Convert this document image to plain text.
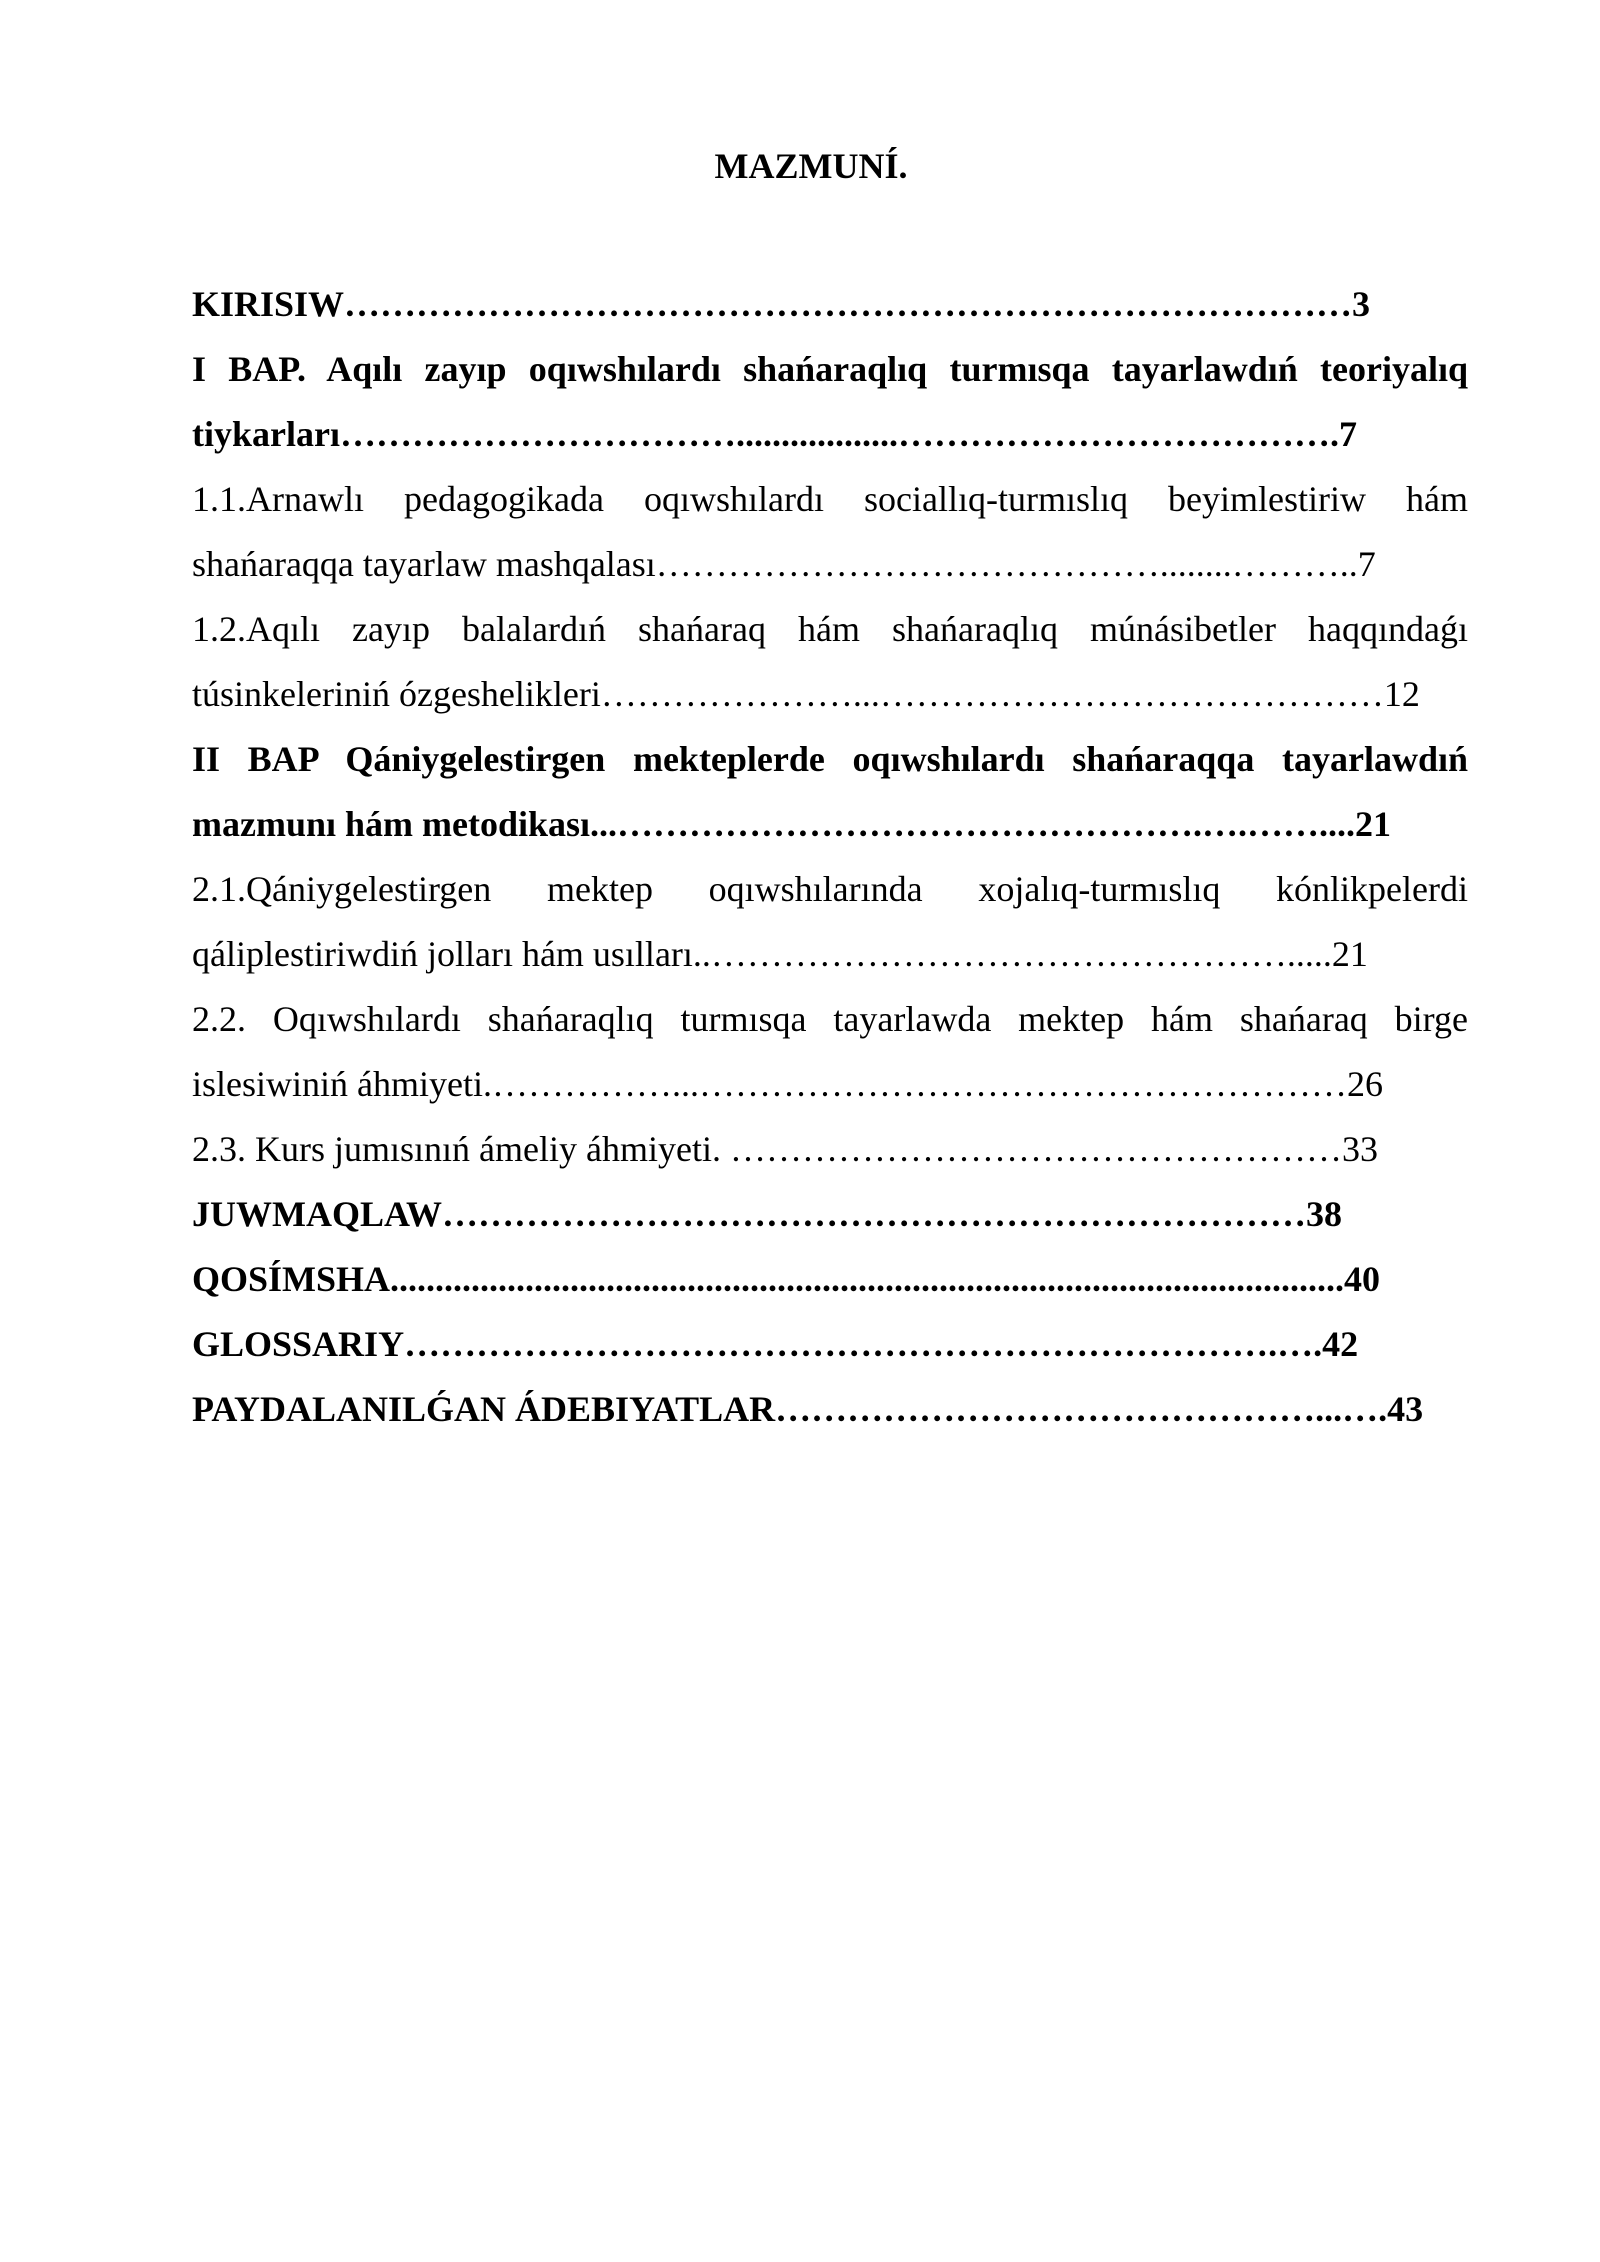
MAZMUNÍ.

KIRISIW…………………………………………………………………………3

I BAP. Aqılı zayıp oqıwshılardı shańaraqlıq turmısqa tayarlawdıń teoriyalıq tiykarları……………………………..................……………………………….7

1.1.Arnawlı pedagogikada oqıwshılardı sociallıq-turmıslıq beyimlestiriw hám shańaraqqa tayarlaw mashqalası……………………………………........………..7

1.2.Aqılı zayıp balalardıń shańaraq hám shańaraqlıq múnásibetler haqqındaǵı túsinkeleriniń ózgeshelikleri…………………...……………………………………12

II BAP Qániygelestirgen mekteplerde oqıwshılardı shańaraqqa tayarlawdıń mazmunı hám metodikası...………………………………………….….……....21

2.1.Qániygelestirgen mektep oqıwshılarında xojalıq-turmıslıq kónlikpelerdi qáliplestiriwdiń jolları hám usılları..………………………………………….....21

2.2. Oqıwshılardı shańaraqlıq turmısqa tayarlawda mektep hám shańaraq birge islesiwiniń áhmiyeti.……………...………………………………………………26

2.3. Kurs jumısınıń ámeliy áhmiyeti. ……………………………………………33

JUWMAQLAW………………………………………………………………38

QOSÍMSHA..........................................................................................................40

GLOSSARIY……………………………………………………………….….42

PAYDALANILǴAN ÁDEBIYATLAR………………………………………...….43
